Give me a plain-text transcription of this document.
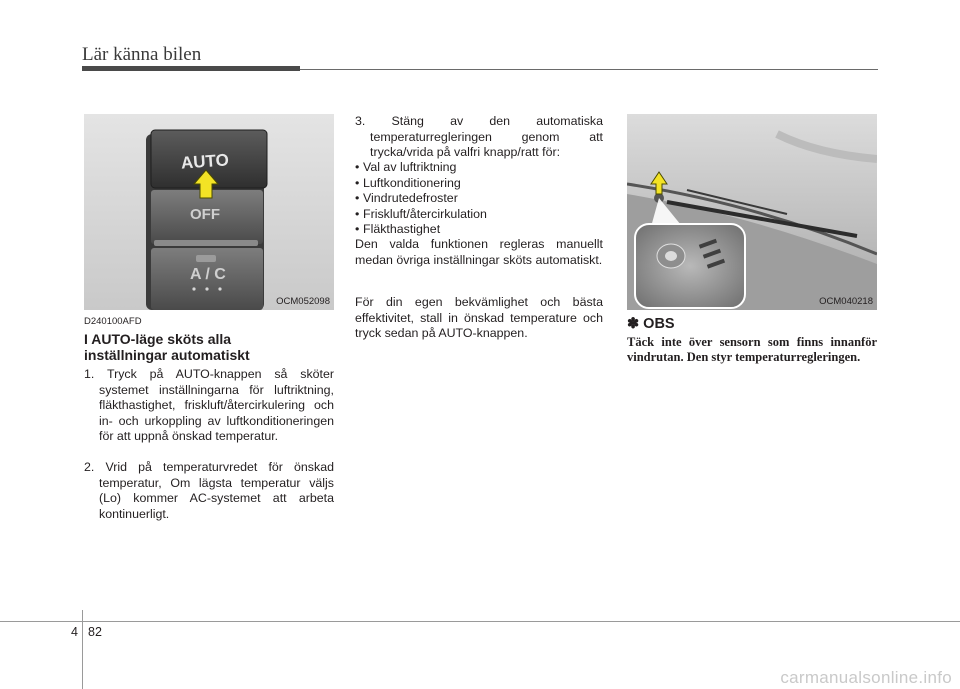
Lär känna bilen
AUTO
OFF
A / C
OCM052098
D240100AFD
I AUTO-läge sköts alla inställningar automatiskt
1. Tryck på AUTO-knappen så sköter systemet inställningarna för luftriktning, fläkthastighet, friskluft/återcirkulering och in- och urkoppling av luftkonditioneringen för att uppnå önskad temperatur.
2. Vrid på temperaturvredet för önskad temperatur, Om lägsta temperatur väljs (Lo) kommer AC-systemet att arbeta kontinuerligt.
3. Stäng av den automatiska temperaturregleringen genom att trycka/vrida på valfri knapp/ratt för:
• Val av luftriktning
• Luftkonditionering
• Vindrutedefroster
• Friskluft/återcirkulation
• Fläkthastighet
Den valda funktionen regleras manuellt medan övriga inställningar sköts automatiskt.
För din egen bekvämlighet och bästa effektivitet, stall in önskad temperature och tryck sedan på AUTO-knappen.
OCM040218
✽ OBS
Täck inte över sensorn som finns innanför vindrutan. Den styr temperaturregleringen.
4 82
carmanualsonline.info
